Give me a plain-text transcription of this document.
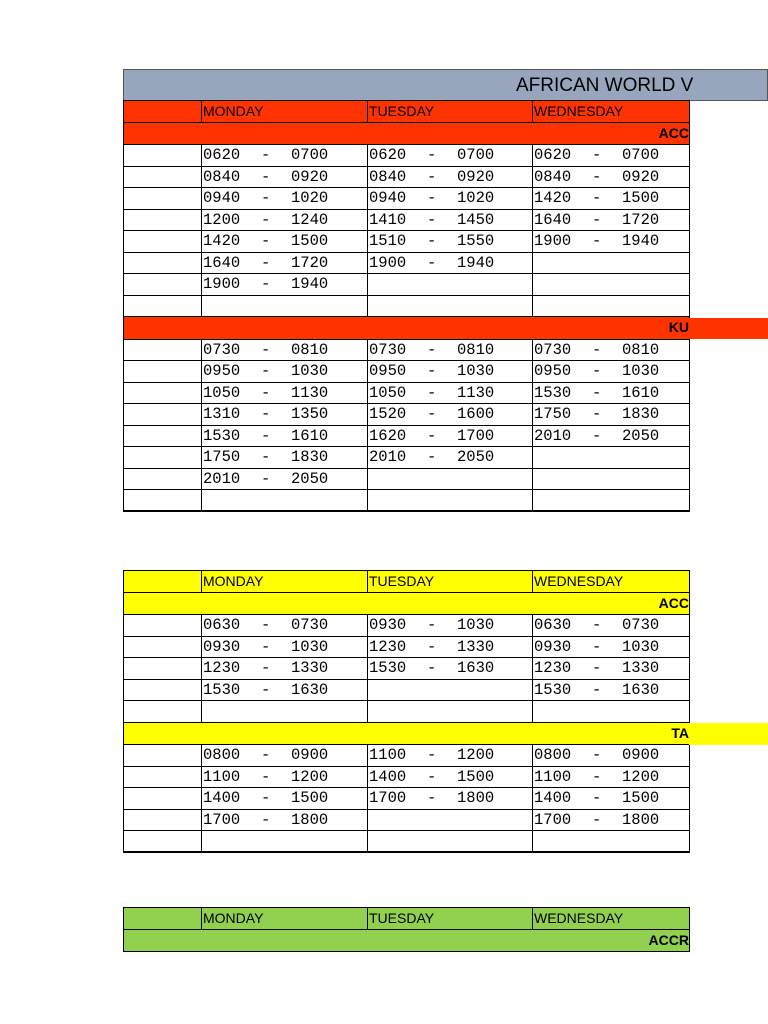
AFRICAN WORLD V
	MONDAY	TUESDAY	WEDNESDAY

ACC			

	0620 - 0700	0620 - 0700	0620 - 0700
	0840 - 0920	0840 - 0920	0840 - 0920
	0940 - 1020	0940 - 1020	1420 - 1500
	1200 - 1240	1410 - 1450	1640 - 1720
	1420 - 1500	1510 - 1550	1900 - 1940
	1640 - 1720	1900 - 1940	
	1900 - 1940		

KU			

	0730 - 0810	0730 - 0810	0730 - 0810
	0950 - 1030	0950 - 1030	0950 - 1030
	1050 - 1130	1050 - 1130	1530 - 1610
	1310 - 1350	1520 - 1600	1750 - 1830
	1530 - 1610	1620 - 1700	2010 - 2050
	1750 - 1830	2010 - 2050	
	2010 - 2050		

	MONDAY	TUESDAY	WEDNESDAY

ACC			

	0630 - 0730	0930 - 1030	0630 - 0730
	0930 - 1030	1230 - 1330	0930 - 1030
	1230 - 1330	1530 - 1630	1230 - 1330
	1530 - 1630		1530 - 1630

TA			

	0800 - 0900	1100 - 1200	0800 - 0900
	1100 - 1200	1400 - 1500	1100 - 1200
	1400 - 1500	1700 - 1800	1400 - 1500
	1700 - 1800		1700 - 1800

	MONDAY	TUESDAY	WEDNESDAY

ACCR
